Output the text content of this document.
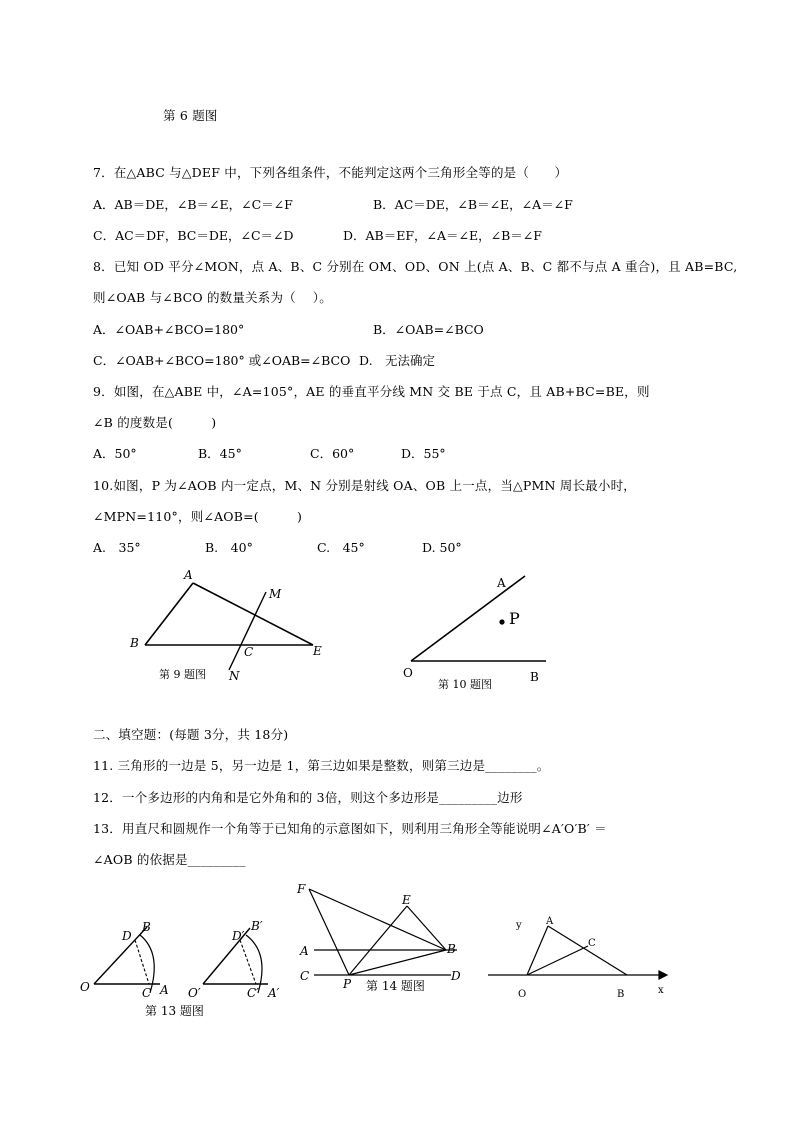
第 6 题图
7．在△ABC 与△DEF 中，下列各组条件，不能判定这两个三角形全等的是（　　）
A．AB＝DE，∠B＝∠E，∠C＝∠F	B．AC＝DE，∠B＝∠E，∠A＝∠F
C．AC＝DF，BC＝DE，∠C＝∠D	D．AB＝EF，∠A＝∠E，∠B＝∠F
8．已知 OD 平分∠MON，点 A、B、C 分别在 OM、OD、ON 上(点 A、B、C 都不与点 A 重合)，且 AB=BC,
则∠OAB 与∠BCO 的数量关系为（　 ）。
A．∠OAB+∠BCO=180°	B．∠OAB=∠BCO
C．∠OAB+∠BCO=180° 或∠OAB=∠BCO D.　无法确定
9．如图，在△ABE 中，∠A=105°，AE 的垂直平分线 MN 交 BE 于点 C，且 AB+BC=BE，则
∠B 的度数是(　　　)
A．50°	B．45°	C．60°	D．55°
10.如图，P 为∠AOB 内一定点，M、N 分别是射线 OA、OB 上一点，当△PMN 周长最小时，
∠MPN=110°，则∠AOB=(　　　)
A.　35°	B.　40°	C.　45°	D. 50°
A
B
C	E
M
N
第 9 题图
A
P
O	B
第 10 题图
二、填空题：(每题 3分，共 18分)
11. 三角形的一边是 5，另一边是 1，第三边如果是整数，则第三边是________。
12．一个多边形的内角和是它外角和的 3倍，则这个多边形是_________边形
13．用直尺和圆规作一个角等于已知角的示意图如下，则利用三角形全等能说明∠A′O′B′ ＝
∠AOB 的依据是_________
O	C A
D
B
O′	C′ A′
D′
B′
第 13 题图
F
E
A	B
C
P
D
第 14 题图
y A
C
O	B	x
